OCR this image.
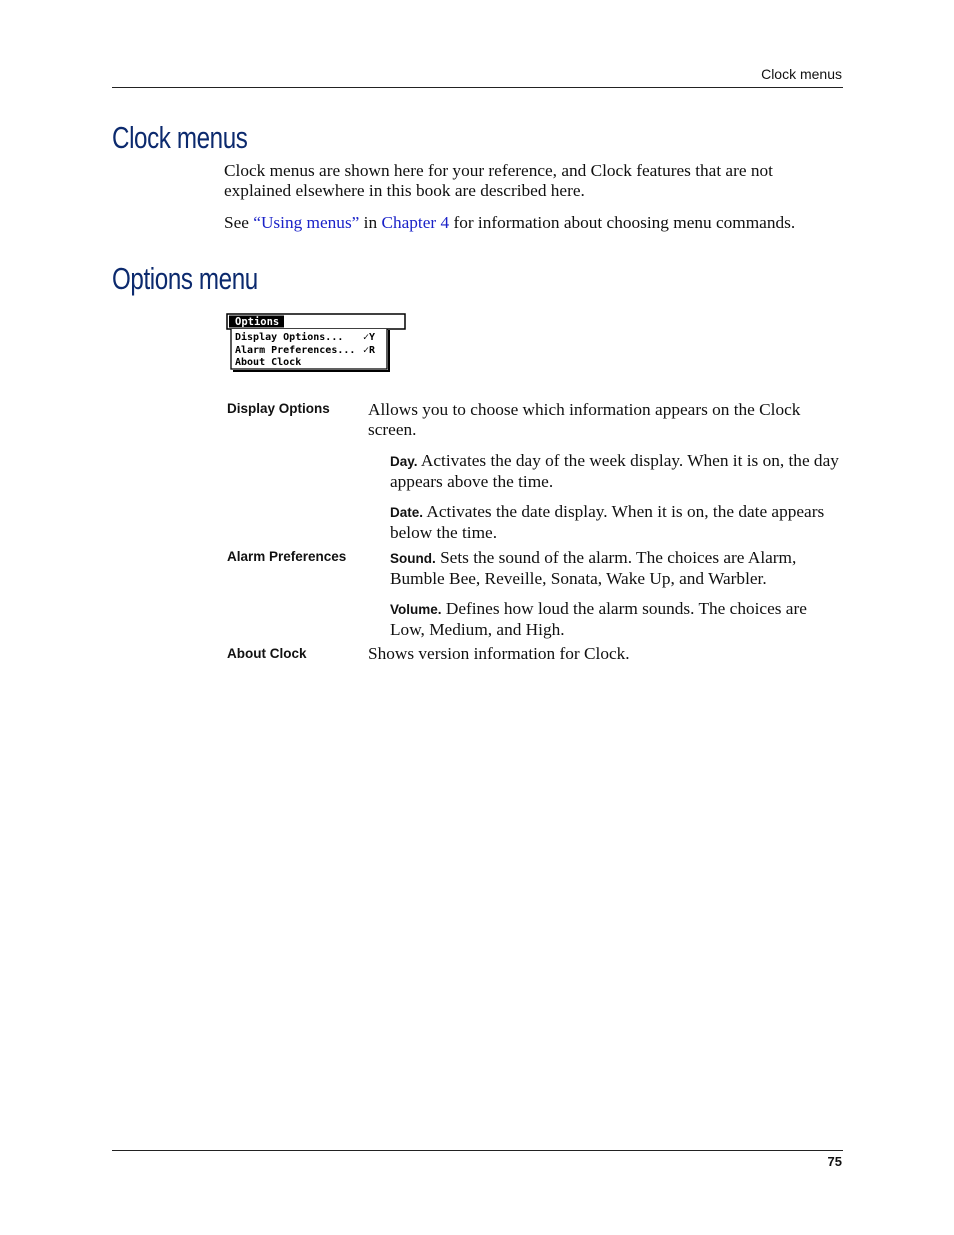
Clock menus
Clock menus

Clock menus are shown here for your reference, and Clock features that are not explained elsewhere in this book are described here.

See “Using menus” in Chapter 4 for information about choosing menu commands.

Options menu
Options
Display Options... ✓Y
Alarm Preferences... ✓R
About Clock
Display Options Allows you to choose which information appears on the Clock screen.

Day. Activates the day of the week display. When it is on, the day appears above the time.

Date. Activates the date display. When it is on, the date appears below the time.

Alarm Preferences	Sound. Sets the sound of the alarm. The choices are Alarm, Bumble Bee, Reveille, Sonata, Wake Up, and Warbler.

Volume. Defines how loud the alarm sounds. The choices are Low, Medium, and High.

About Clock	Shows version information for Clock.

75
